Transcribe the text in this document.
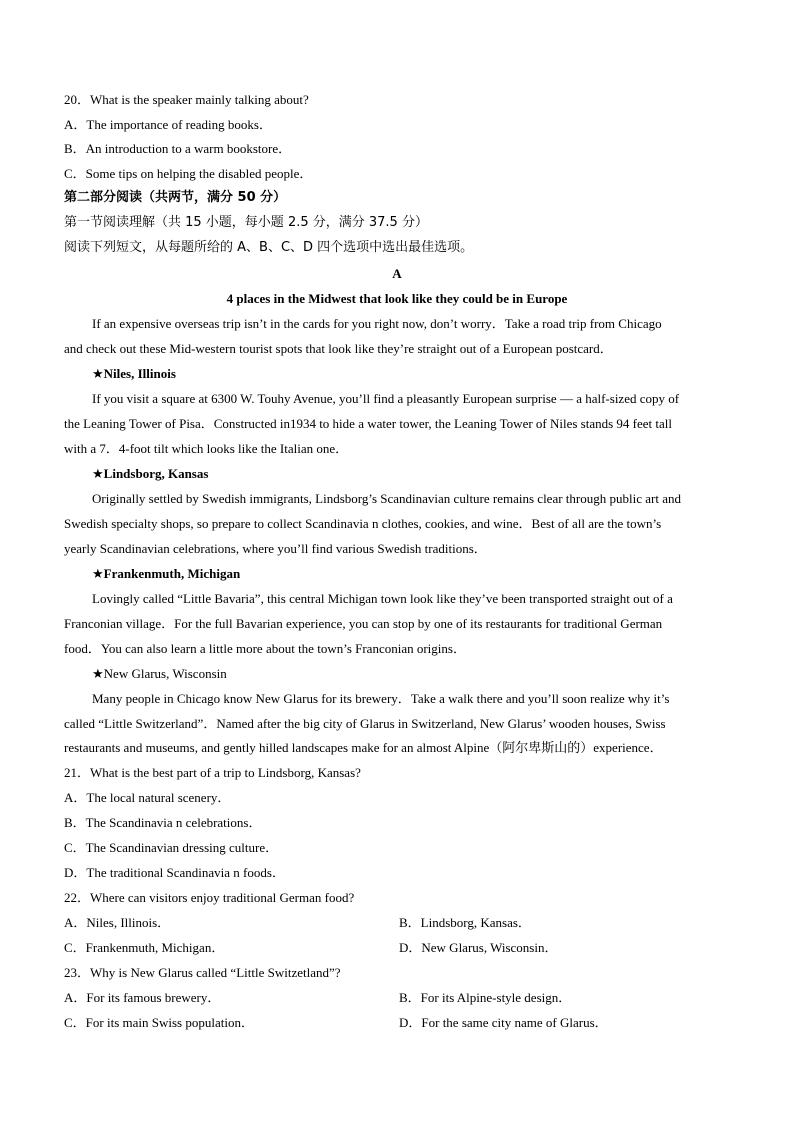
20．What is the speaker mainly talking about?
A．The importance of reading books．
B．An introduction to a warm bookstore．
C．Some tips on helping the disabled people．
第二部分阅读（共两节，满分 50 分）
第一节阅读理解（共 15 小题，每小题 2.5 分，满分 37.5 分）
阅读下列短文，从每题所给的 A、B、C、D 四个选项中选出最佳选项。
A
4 places in the Midwest that look like they could be in Europe
If an expensive overseas trip isn’t in the cards for you right now, don’t worry．Take a road trip from Chicago
and check out these Mid-western tourist spots that look like they’re straight out of a European postcard．
★ Niles, Illinois
If you visit a square at 6300 W. Touhy Avenue, you’ll find a pleasantly European surprise — a half-sized copy of
the Leaning Tower of Pisa．Constructed in1934 to hide a water tower, the Leaning Tower of Niles stands 94 feet tall
with a 7．4-foot tilt which looks like the Italian one．
★ Lindsborg, Kansas
Originally settled by Swedish immigrants, Lindsborg’s Scandinavian culture remains clear through public art and
Swedish specialty shops, so prepare to collect Scandinavia n clothes, cookies, and wine．Best of all are the town’s
yearly Scandinavian celebrations, where you’ll find various Swedish traditions．
★ Frankenmuth, Michigan
Lovingly called “Little Bavaria”, this central Michigan town look like they’ve been transported straight out of a
Franconian village．For the full Bavarian experience, you can stop by one of its restaurants for traditional German
food．You can also learn a little more about the town’s Franconian origins．
★ New Glarus, Wisconsin
Many people in Chicago know New Glarus for its brewery．Take a walk there and you’ll soon realize why it’s
called “Little Switzerland”．Named after the big city of Glarus in Switzerland, New Glarus’ wooden houses, Swiss
restaurants and museums, and gently hilled landscapes make for an almost Alpine（阿尔卑斯山的）experience．
21．What is the best part of a trip to Lindsborg, Kansas?
A．The local natural scenery．
B．The Scandinavia n celebrations．
C．The Scandinavian dressing culture．
D．The traditional Scandinavia n foods．
22．Where can visitors enjoy traditional German food?
A．Niles, Illinois．	B．Lindsborg, Kansas．
C．Frankenmuth, Michigan．	D．New Glarus, Wisconsin．
23．Why is New Glarus called “Little Switzetland”?
A．For its famous brewery．	B．For its Alpine-style design．
C．For its main Swiss population．	D．For the same city name of Glarus．
